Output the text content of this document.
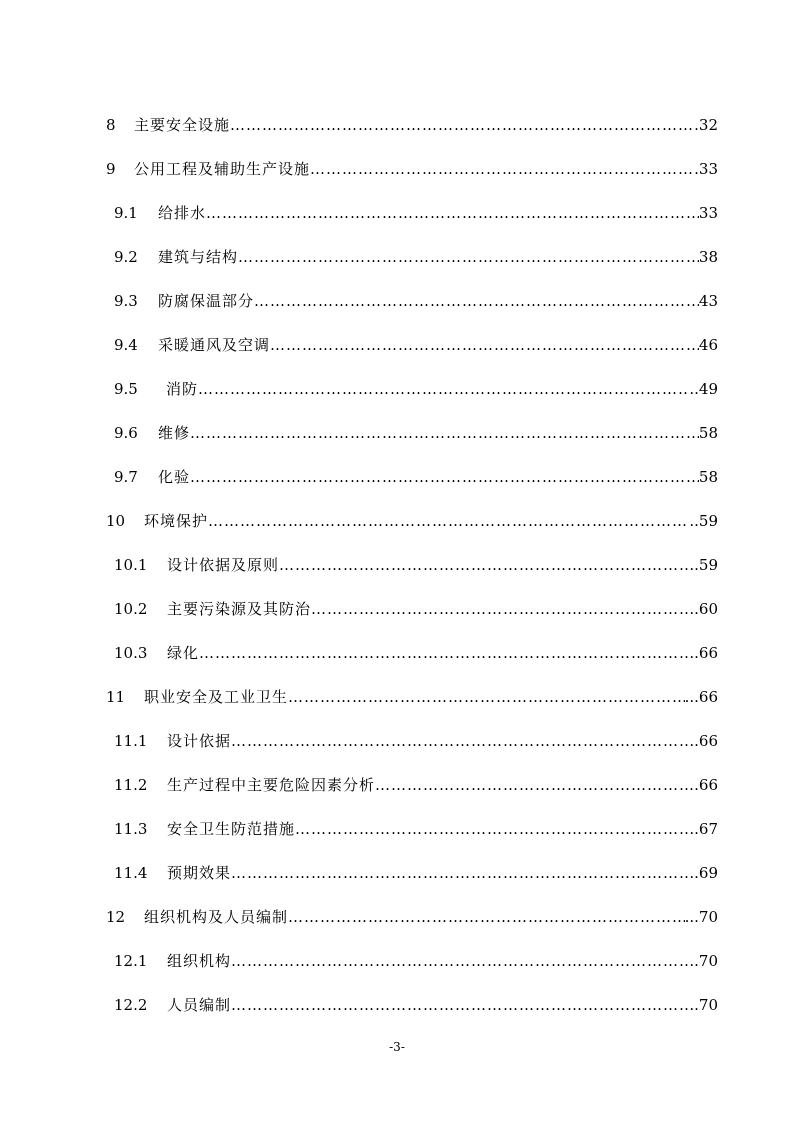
8	主要安全设施 …………………………………………………………………………………………………………………………………………………………………	.32
9	公用工程及辅助生产设施 …………………………………………………………………………………………………………………………………………………………………	.33
9.1	给排水 …………………………………………………………………………………………………………………………………………………………………	33
9.2	建筑与结构 …………………………………………………………………………………………………………………………………………………………………	38
9.3	防腐保温部分 …………………………………………………………………………………………………………………………………………………………………	43
9.4	采暖通风及空调 …………………………………………………………………………………………………………………………………………………………………	46
9.5	消防 …………………………………………………………………………………………………………………………………………………………………	..49
9.6	维修 …………………………………………………………………………………………………………………………………………………………………	58
9.7	化验 …………………………………………………………………………………………………………………………………………………………………	58
10	环境保护 …………………………………………………………………………………………………………………………………………………………………	..59
10.1	设计依据及原则 …………………………………………………………………………………………………………………………………………………………………	..59
10.2	主要污染源及其防治 …………………………………………………………………………………………………………………………………………………………………	..60
10.3	绿化 …………………………………………………………………………………………………………………………………………………………………	..66
11	职业安全及工业卫生 …………………………………………………………………………………………………………………………………………………………………	...66
11.1	设计依据 …………………………………………………………………………………………………………………………………………………………………	..66
11.2	生产过程中主要危险因素分析 …………………………………………………………………………………………………………………………………………………………………	.66
11.3	安全卫生防范措施 …………………………………………………………………………………………………………………………………………………………………	..67
11.4	预期效果 …………………………………………………………………………………………………………………………………………………………………	..69
12	组织机构及人员编制 …………………………………………………………………………………………………………………………………………………………………	...70
12.1	组织机构 …………………………………………………………………………………………………………………………………………………………………	..70
12.2	人员编制 …………………………………………………………………………………………………………………………………………………………………	..70
-3-
